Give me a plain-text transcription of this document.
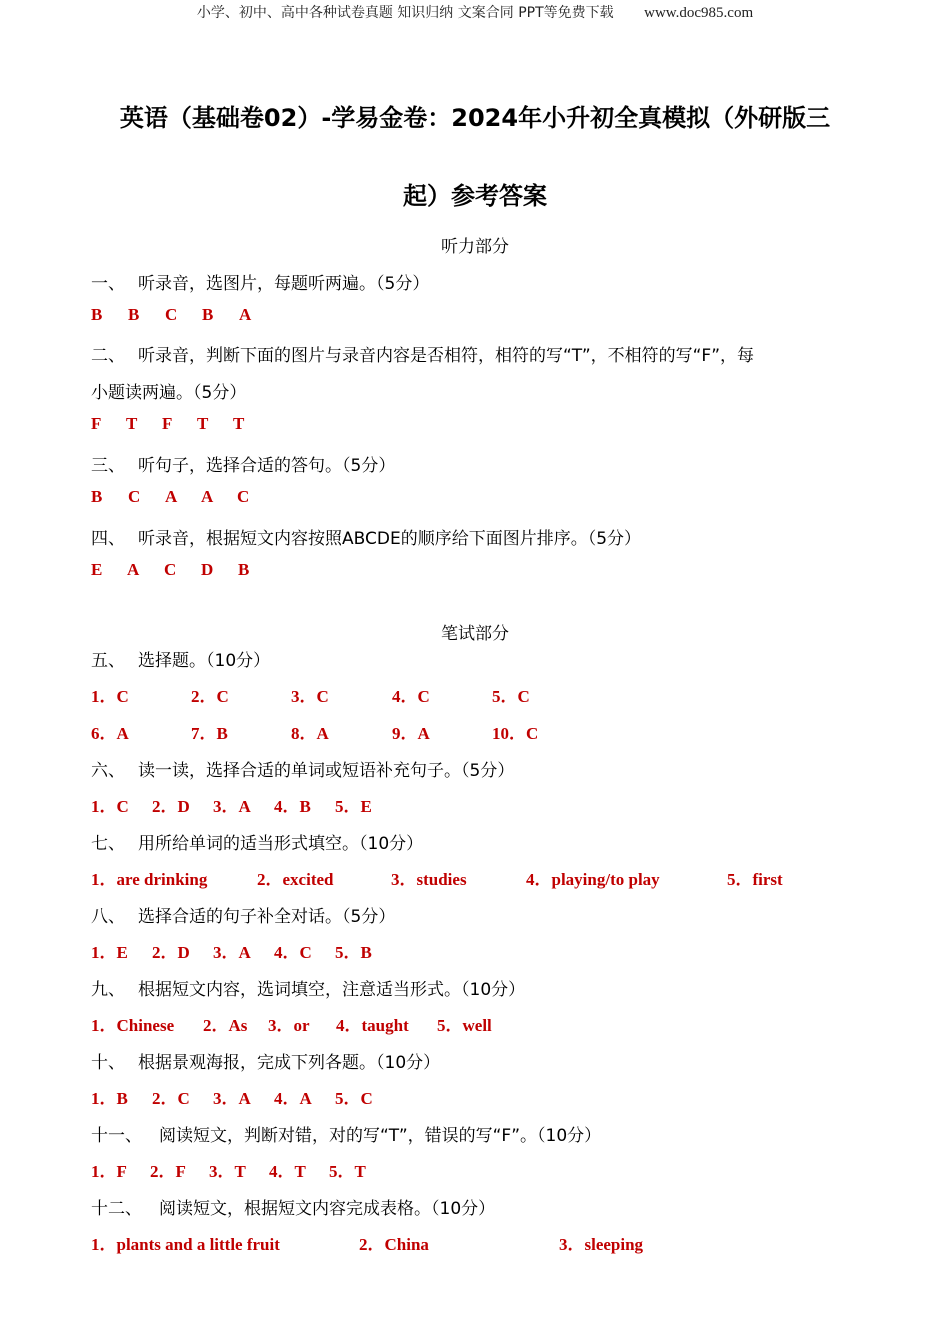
小学、初中、高中各种试卷真题 知识归纳 文案合同 PPT等免费下载 www.doc985.com
英语（基础卷02）-学易金卷：2024年小升初全真模拟（外研版三
起）参考答案
听力部分
一、 听录音，选图片，每题听两遍。（5分）
B B C B A
二、 听录音，判断下面的图片与录音内容是否相符，相符的写“T”，不相符的写“F”，每
小题读两遍。（5分）
F T F T T
三、 听句子，选择合适的答句。（5分）
B C A A C
四、 听录音，根据短文内容按照ABCDE的顺序给下面图片排序。（5分）
E A C D B
笔试部分
五、 选择题。（10分）
1．C	2．C	3．C	4．C	5．C
6．A	7．B	8．A	9．A	10．C
六、 读一读，选择合适的单词或短语补充句子。（5分）
1．C 2．D 3．A 4．B 5．E
七、 用所给单词的适当形式填空。（10分）
1．are drinking	2．excited	3．studies	4．playing/to play	5．first
八、 选择合适的句子补全对话。（5分）
1．E 2．D 3．A 4．C 5．B
九、 根据短文内容，选词填空，注意适当形式。（10分）
1．Chinese 2．As 3．or 4．taught 5．well
十、 根据景观海报，完成下列各题。（10分）
1．B 2．C 3．A 4．A 5．C
十一、 阅读短文，判断对错，对的写“T”，错误的写“F”。（10分）
1．F 2．F 3．T 4．T 5．T
十二、 阅读短文，根据短文内容完成表格。（10分）
1．plants and a little fruit	2．China	3．sleeping
